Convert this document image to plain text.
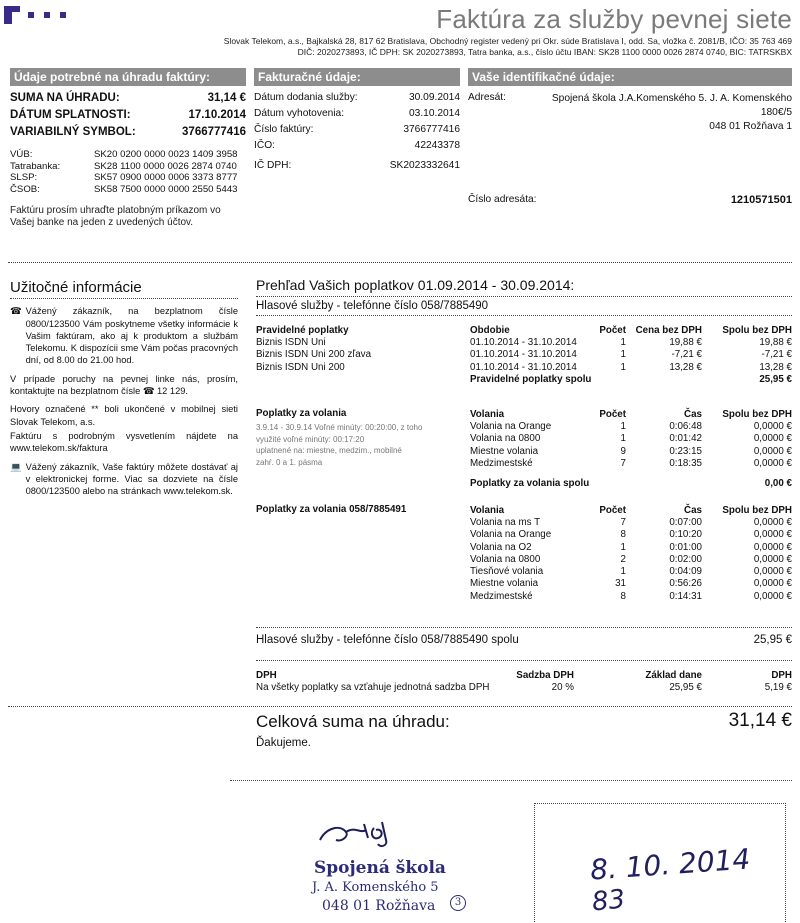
Faktúra za služby pevnej siete
Slovak Telekom, a.s., Bajkalská 28, 817 62 Bratislava, Obchodný register vedený pri Okr. súde Bratislava I, odd. Sa, vložka č. 2081/B, IČO: 35 763 469
DIČ: 2020273893, IČ DPH: SK 2020273893, Tatra banka, a.s., číslo účtu IBAN: SK28 1100 0000 0026 2874 0740, BIC: TATRSKBX
Údaje potrebné na úhradu faktúry:
SUMA NA ÚHRADU:	31,14 €
DÁTUM SPLATNOSTI:	17.10.2014
VARIABILNÝ SYMBOL:	3766777416
VÚB:	SK20 0200 0000 0023 1409 3958
Tatrabanka:	SK28 1100 0000 0026 2874 0740
SLSP:	SK57 0900 0000 0006 3373 8777
ČSOB:	SK58 7500 0000 0000 2550 5443
Faktúru prosím uhraďte platobným príkazom vo Vašej banke na jeden z uvedených účtov.
Fakturačné údaje:
Dátum dodania služby:	30.09.2014
Dátum vyhotovenia:	03.10.2014
Číslo faktúry:	3766777416
IČO:	42243378
IČ DPH:	SK2023332641
Vaše identifikačné údaje:
Adresát:	Spojená škola J.A.Komenského 5. J. A. Komenského
180€/5
048 01 Rožňava 1
Číslo adresáta:	1210571501
Užitočné informácie
☎ Vážený zákazník, na bezplatnom čísle 0800/123500 Vám poskytneme všetky informácie k Vašim faktúram, ako aj k produktom a službám Telekomu. K dispozícii sme Vám počas pracovných dní, od 8.00 do 21.00 hod.
V prípade poruchy na pevnej linke nás, prosím, kontaktujte na bezplatnom čísle ☎ 12 129.
Hovory označené ** boli ukončené v mobilnej sieti Slovak Telekom, a.s.
Faktúru s podrobným vysvetlením nájdete na www.telekom.sk/faktura
💻 Vážený zákazník, Vaše faktúry môžete dostávať aj v elektronickej forme. Viac sa dozviete na čísle 0800/123500 alebo na stránkach www.telekom.sk.
Prehľad Vašich poplatkov 01.09.2014 - 30.09.2014:
Hlasové služby - telefónne číslo 058/7885490
Pravidelné poplatky	Obdobie	Počet	Cena bez DPH	Spolu bez DPH
Biznis ISDN Uni	01.10.2014 - 31.10.2014	1	19,88 €	19,88 €
Biznis ISDN Uni 200 zľava	01.10.2014 - 31.10.2014	1	-7,21 €	-7,21 €
Biznis ISDN Uni 200	01.10.2014 - 31.10.2014	1	13,28 €	13,28 €
	Pravidelné poplatky spolu			25,95 €
Poplatky za volania
3.9.14 - 30.9.14 Voľné minúty: 00:20:00, z toho
využité voľné minúty: 00:17:20
uplatnené na: miestne, medzim., mobilné
zahŕ. 0 a 1. pásma
Volania	Počet	Čas	Spolu bez DPH
Volania na Orange	1	0:06:48	0,0000 €
Volania na 0800	1	0:01:42	0,0000 €
Miestne volania	9	0:23:15	0,0000 €
Medzimestské	7	0:18:35	0,0000 €

Poplatky za volania spolu			0,00 €
Poplatky za volania 058/7885491	Volania	Počet	Čas	Spolu bez DPH
Volania na ms T	7	0:07:00	0,0000 €
Volania na Orange	8	0:10:20	0,0000 €
Volania na O2	1	0:01:00	0,0000 €
Volania na 0800	2	0:02:00	0,0000 €
Tiesňové volania	1	0:04:09	0,0000 €
Miestne volania	31	0:56:26	0,0000 €
Medzimestské	8	0:14:31	0,0000 €
Hlasové služby - telefónne číslo 058/7885490 spolu	25,95 €
DPH	Sadzba DPH	Základ dane	DPH
Na všetky poplatky sa vzťahuje jednotná sadzba DPH	20 %	25,95 €	5,19 €
Celková suma na úhradu:	31,14 €
Ďakujeme.
Spojená škola
J. A. Komenského 5
048 01 Rožňava	3
8. 10. 2014
83
